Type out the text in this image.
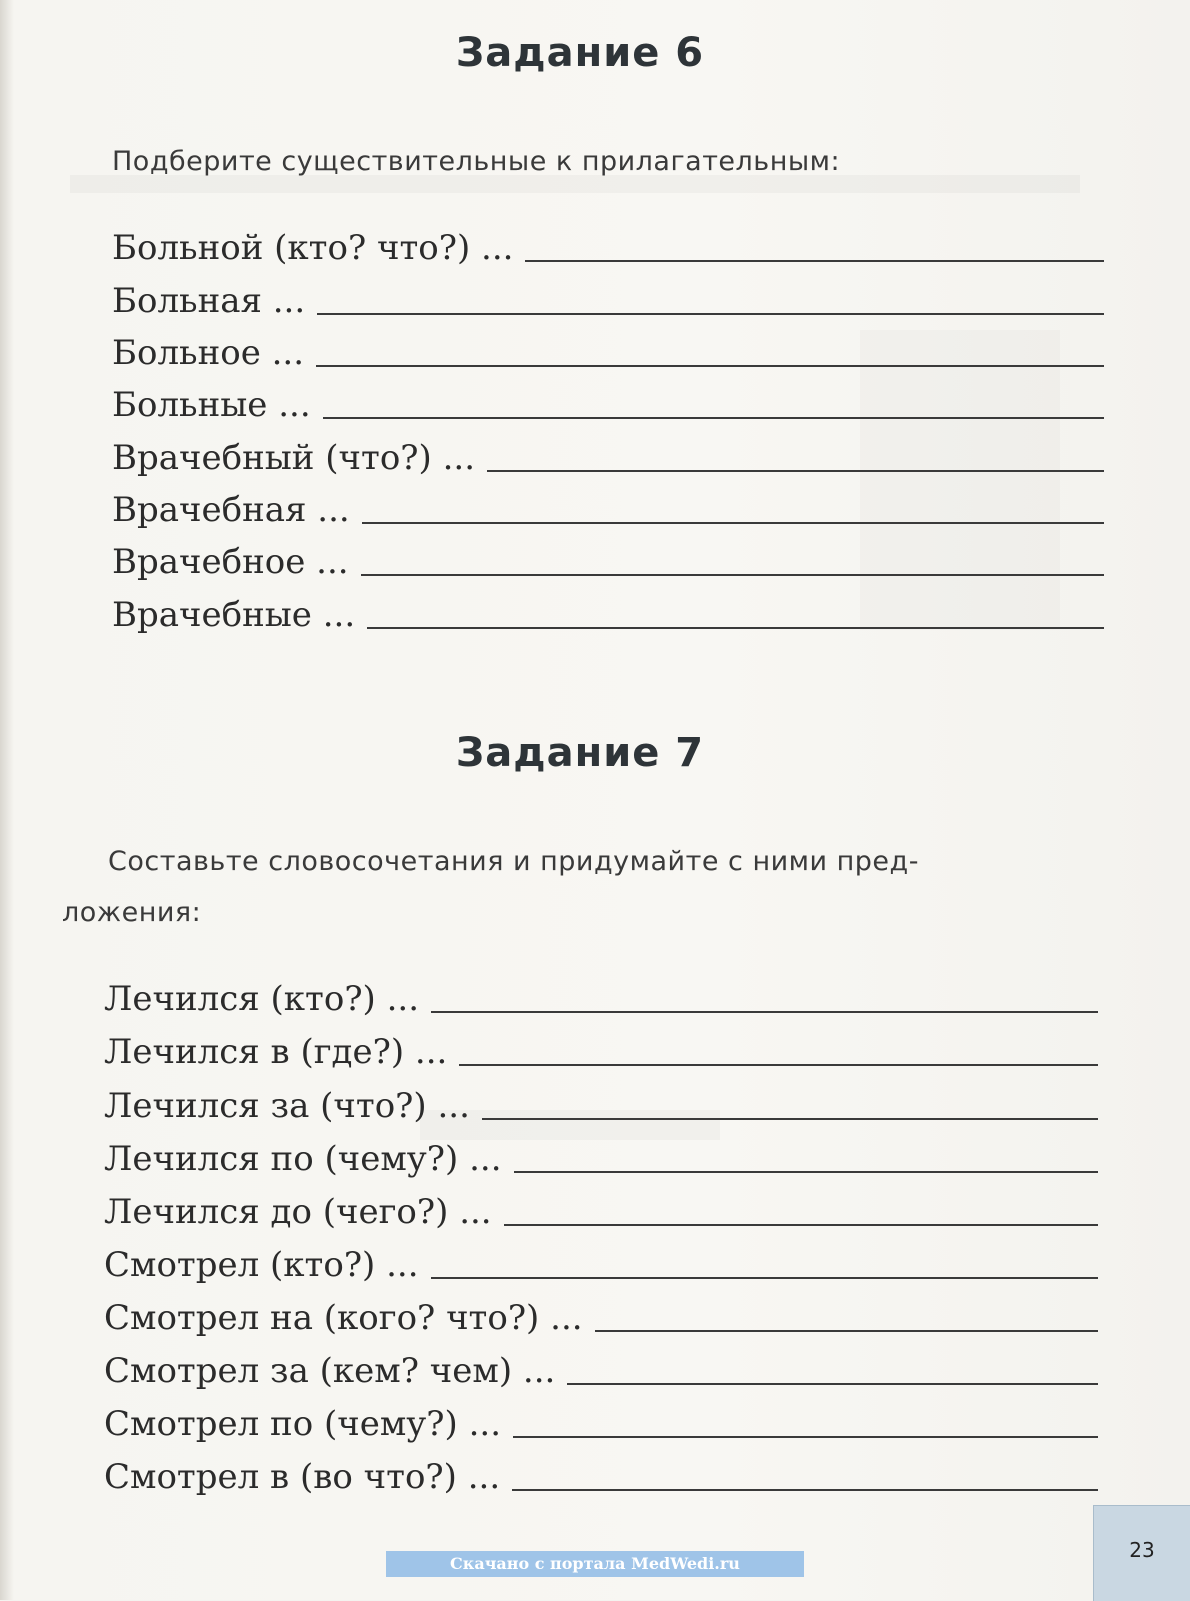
Задание 6
Подберите существительные к прилагательным:
Больной (кто? что?) ...
Больная ...
Больное ...
Больные ...
Врачебный (что?) ...
Врачебная ...
Врачебное ...
Врачебные ...
Задание 7
Составьте словосочетания и придумайте с ними пред-
ложения:
Лечился (кто?) ...
Лечился в (где?) ...
Лечился за (что?) ...
Лечился по (чему?) ...
Лечился до (чего?) ...
Смотрел (кто?) ...
Смотрел на (кого? что?) ...
Смотрел за (кем? чем) ...
Смотрел по (чему?) ...
Смотрел в (во что?) ...
Скачано с портала MedWedi.ru
23
